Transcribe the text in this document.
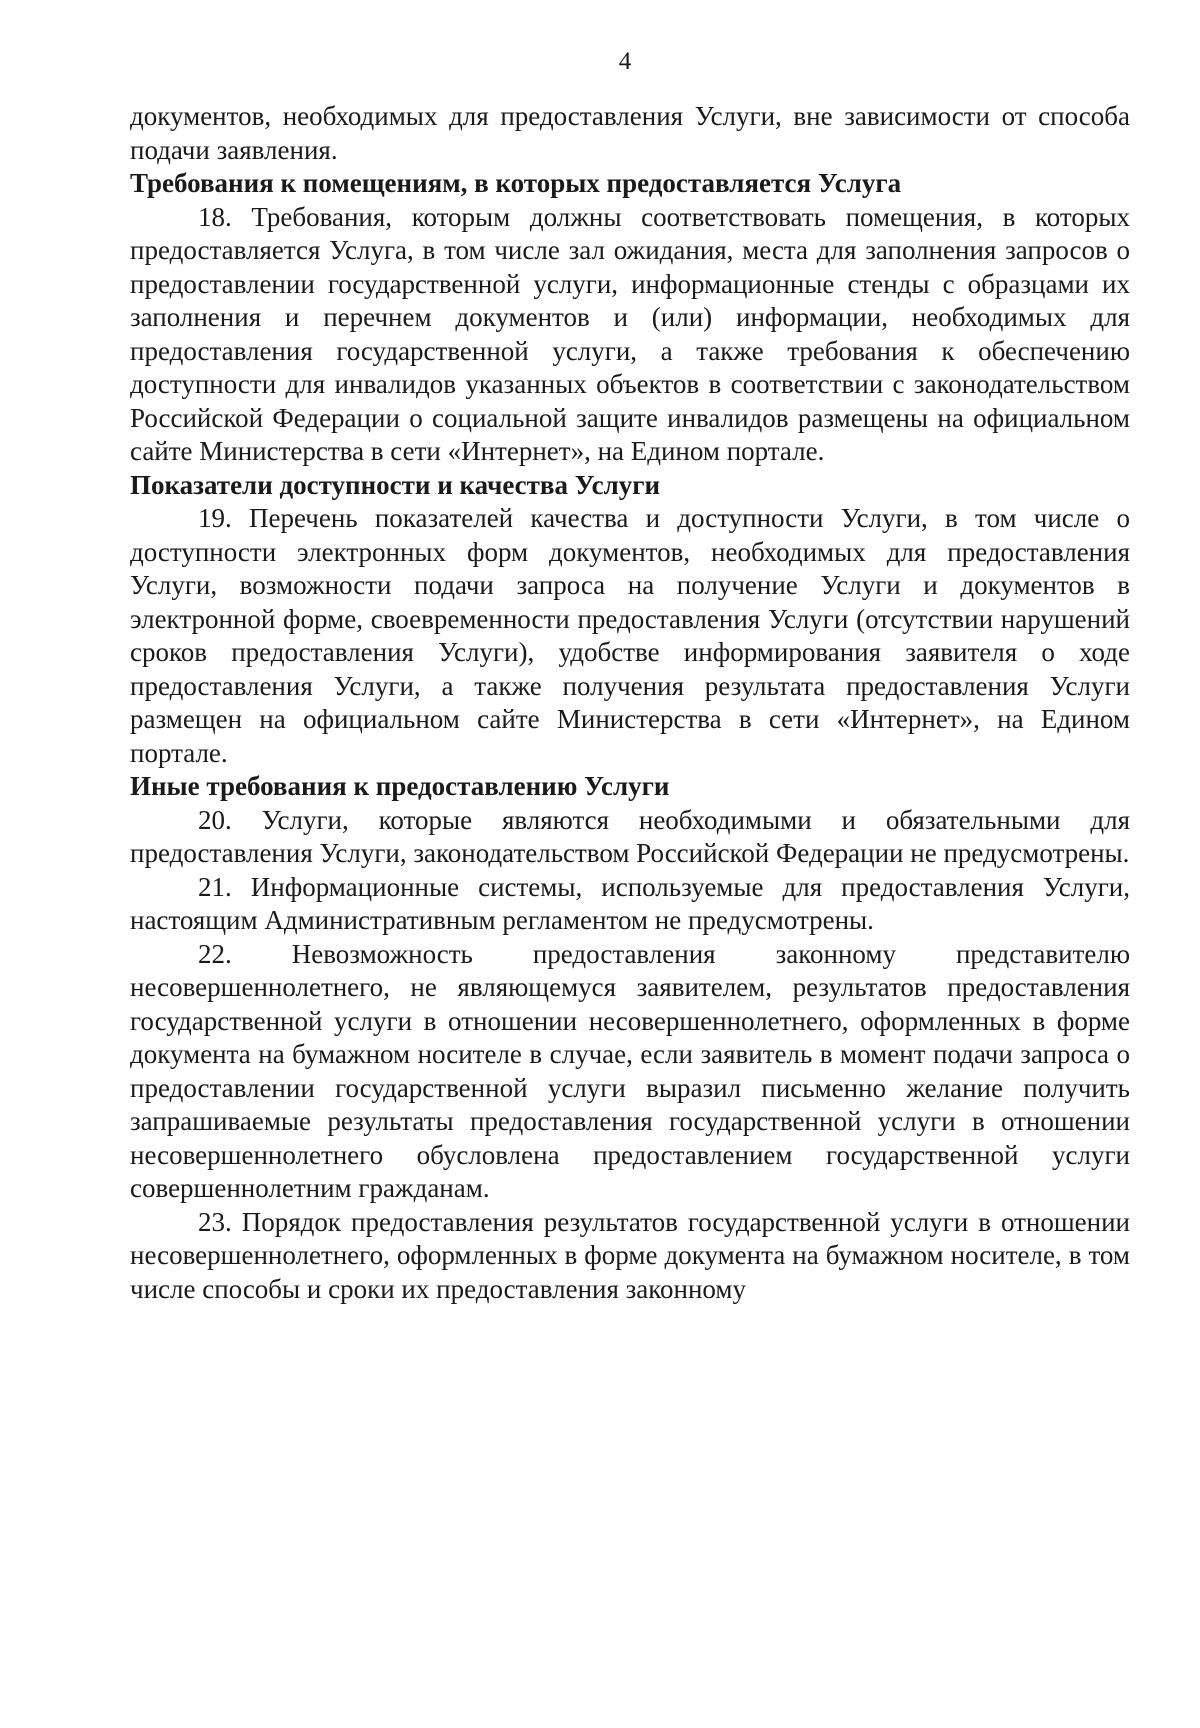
4

документов, необходимых для предоставления Услуги, вне зависимости от способа подачи заявления.

Требования к помещениям, в которых предоставляется Услуга

18. Требования, которым должны соответствовать помещения, в которых предоставляется Услуга, в том числе зал ожидания, места для заполнения запросов о предоставлении государственной услуги, информационные стенды с образцами их заполнения и перечнем документов и (или) информации, необходимых для предоставления государственной услуги, а также требования к обеспечению доступности для инвалидов указанных объектов в соответствии с законодательством Российской Федерации о социальной защите инвалидов размещены на официальном сайте Министерства в сети «Интернет», на Едином портале.

Показатели доступности и качества Услуги

19. Перечень показателей качества и доступности Услуги, в том числе о доступности электронных форм документов, необходимых для предоставления Услуги, возможности подачи запроса на получение Услуги и документов в электронной форме, своевременности предоставления Услуги (отсутствии нарушений сроков предоставления Услуги), удобстве информирования заявителя о ходе предоставления Услуги, а также получения результата предоставления Услуги размещен на официальном сайте Министерства в сети «Интернет», на Едином портале.

Иные требования к предоставлению Услуги

20. Услуги, которые являются необходимыми и обязательными для предоставления Услуги, законодательством Российской Федерации не предусмотрены.

21. Информационные системы, используемые для предоставления Услуги, настоящим Административным регламентом не предусмотрены.

22. Невозможность предоставления законному представителю несовершеннолетнего, не являющемуся заявителем, результатов предоставления государственной услуги в отношении несовершеннолетнего, оформленных в форме документа на бумажном носителе в случае, если заявитель в момент подачи запроса о предоставлении государственной услуги выразил письменно желание получить запрашиваемые результаты предоставления государственной услуги в отношении несовершеннолетнего обусловлена предоставлением государственной услуги совершеннолетним гражданам.

23. Порядок предоставления результатов государственной услуги в отношении несовершеннолетнего, оформленных в форме документа на бумажном носителе, в том числе способы и сроки их предоставления законному
